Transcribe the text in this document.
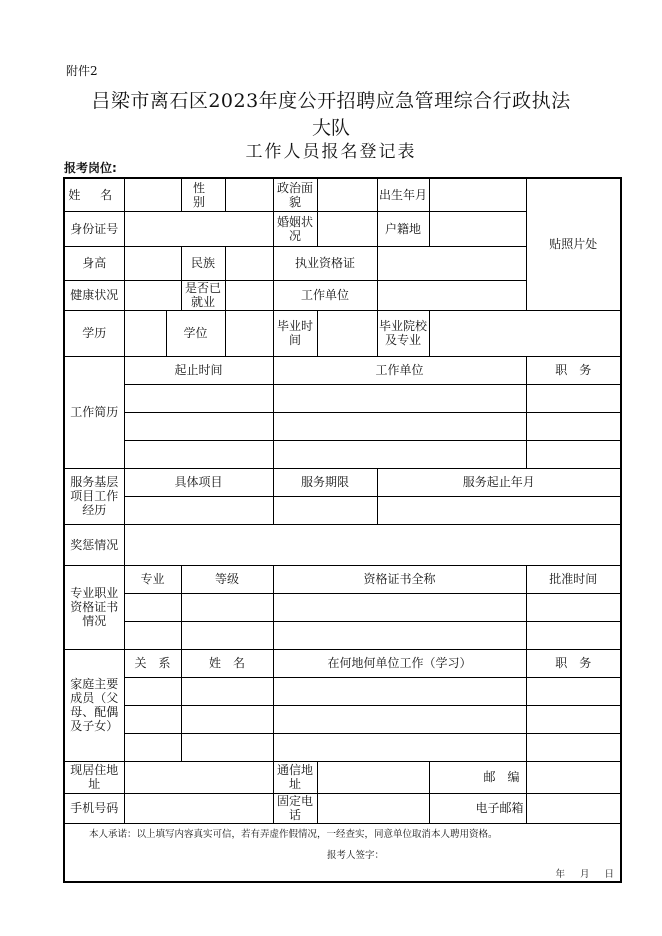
附件2
吕梁市离石区2023年度公开招聘应急管理综合行政执法
大队
工作人员报名登记表
报考岗位:
姓 名			性 别		政治面貌		出生年月		贴照片处
身份证号					婚姻状况		户籍地		
身高			民族		执业资格证				
健康状况			是否已就业		工作单位				
学历		学位			毕业时间		毕业院校及专业		
工作简历	起止时间				工作单位				职　务

服务基层项目工作经历	具体项目				服务期限		服务起止年月		

奖惩情况									
专业职业资格证书情况	专业		等级		资格证书全称				批准时间

家庭主要成员（父母、配偶及子女）	关　系		姓　名		在何地何单位工作（学习）				职　务

现居住地址					通信地址			邮　编	
手机号码					固定电话			电子邮箱	

本人承诺：以上填写内容真实可信，若有弄虚作假情况，一经查实，同意单位取消本人聘用资格。
报考人签字：
年 月 日									
